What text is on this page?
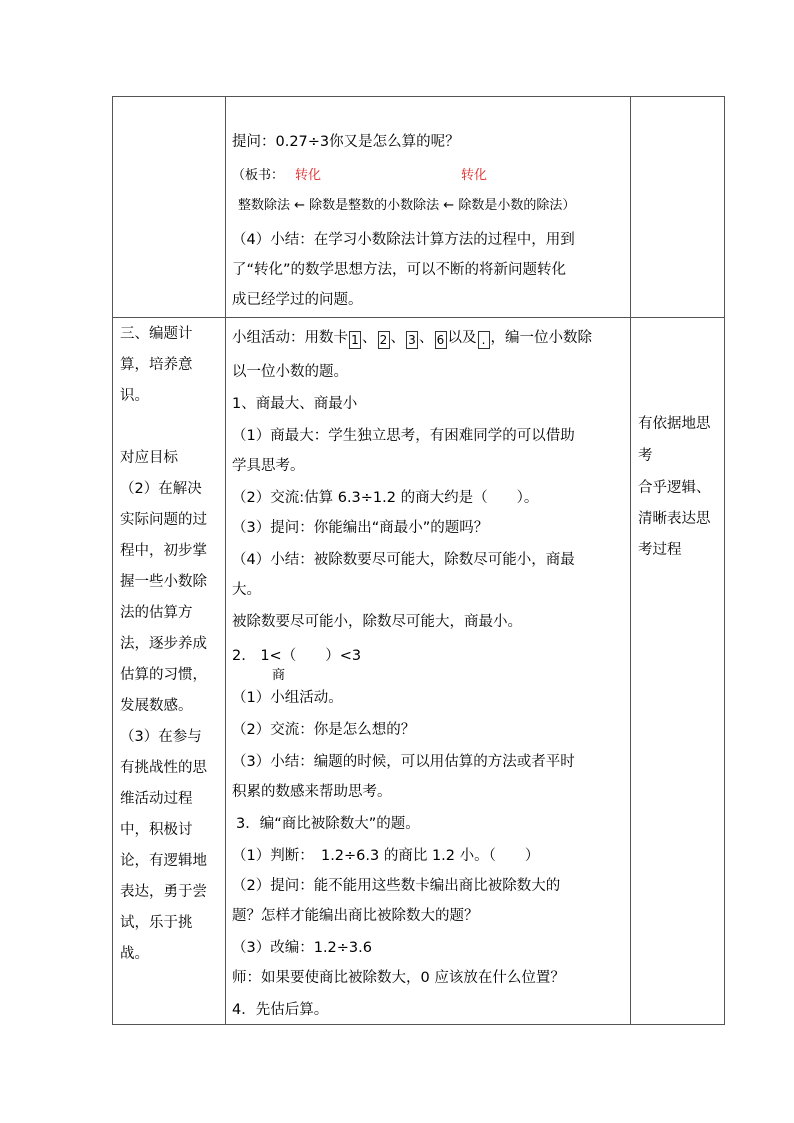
提问：0.27÷3你又是怎么算的呢？
（板书： 转化	转化
整数除法 ← 除数是整数的小数除法 ← 除数是小数的除法）
（4）小结：在学习小数除法计算方法的过程中，用到
了“转化”的数学思想方法，可以不断的将新问题转化
成已经学过的问题。
三、编题计
算，培养意
识。
对应目标
（2）在解决
实际问题的过
程中，初步掌
握一些小数除
法的估算方
法，逐步养成
估算的习惯，
发展数感。
（3）在参与
有挑战性的思
维活动过程
中，积极讨
论，有逻辑地
表达，勇于尝
试，乐于挑
战。
小组活动：用数卡 1 、 2 、 3 、 6 以及 . ，编一位小数除
以一位小数的题。
1、商最大、商最小
（1）商最大：学生独立思考，有困难同学的可以借助
学具思考。
（2）交流:估算 6.3÷1.2 的商大约是（　　）。
（3）提问：你能编出“商最小”的题吗？
（4）小结：被除数要尽可能大，除数尽可能小，商最
大。
被除数要尽可能小，除数尽可能大，商最小。
2.　1<（　　）<3
商
（1）小组活动。
（2）交流：你是怎么想的？
（3）小结：编题的时候，可以用估算的方法或者平时
积累的数感来帮助思考。
3．编“商比被除数大”的题。
（1）判断：　1.2÷6.3 的商比 1.2 小。（　　）
（2）提问：能不能用这些数卡编出商比被除数大的
题？怎样才能编出商比被除数大的题？
（3）改编：1.2÷3.6
师：如果要使商比被除数大，0 应该放在什么位置？
4．先估后算。
有依据地思
考
合乎逻辑、
清晰表达思
考过程
